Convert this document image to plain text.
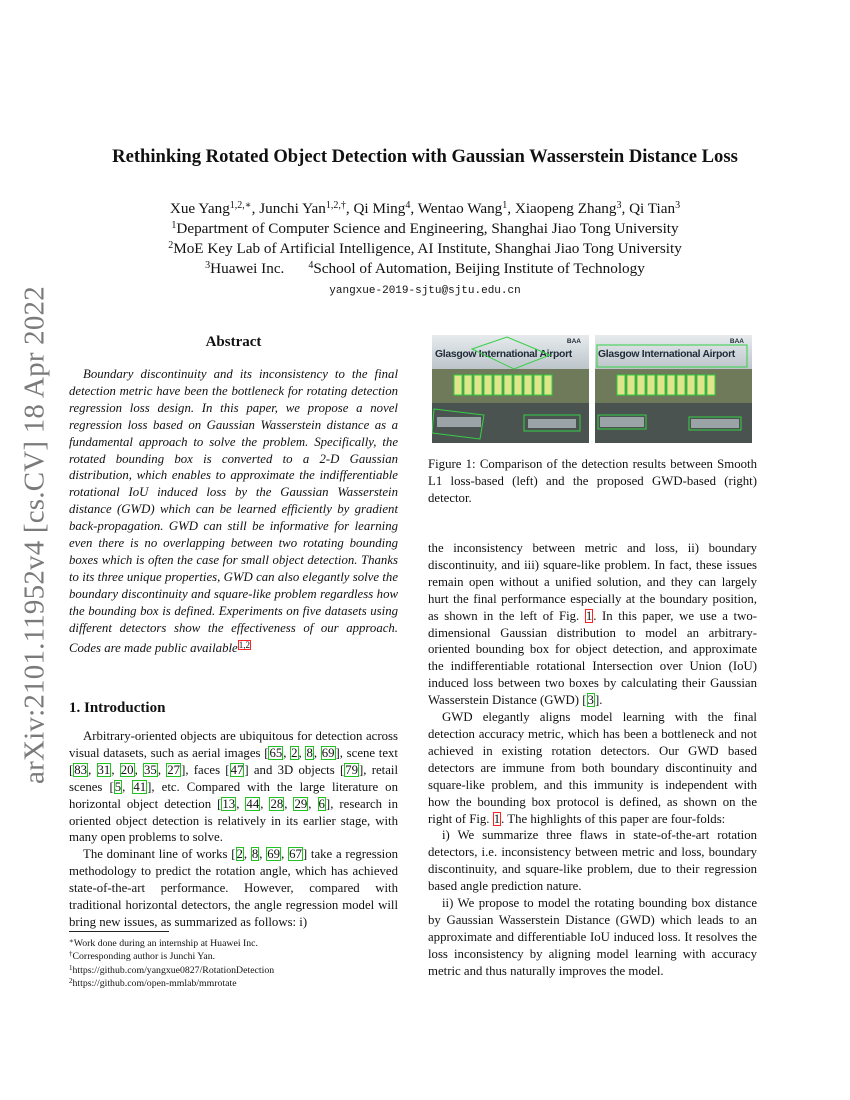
arXiv:2101.11952v4 [cs.CV] 18 Apr 2022
Rethinking Rotated Object Detection with Gaussian Wasserstein Distance Loss
Xue Yang$^{1,2,∗}$, Junchi Yan$^{1,2,\dagger}$, Qi Ming$^4$, Wentao Wang$^1$, Xiaopeng Zhang$^3$, Qi Tian$^3$
$^1$Department of Computer Science and Engineering, Shanghai Jiao Tong University
$^2$MoE Key Lab of Artificial Intelligence, AI Institute, Shanghai Jiao Tong University
$^3$Huawei Inc. $^4$School of Automation, Beijing Institute of Technology
yangxue-2019-sjtu@sjtu.edu.cn
Abstract

Boundary discontinuity and its inconsistency to the final detection metric have been the bottleneck for rotating detection regression loss design. In this paper, we propose a novel regression loss based on Gaussian Wasserstein distance as a fundamental approach to solve the problem. Specifically, the rotated bounding box is converted to a 2-D Gaussian distribution, which enables to approximate the indifferentiable rotational IoU induced loss by the Gaussian Wasserstein distance (GWD) which can be learned efficiently by gradient back-propagation. GWD can still be informative for learning even there is no overlapping between two rotating bounding boxes which is often the case for small object detection. Thanks to its three unique properties, GWD can also elegantly solve the boundary discontinuity and square-like problem regardless how the bounding box is defined. Experiments on five datasets using different detectors show the effectiveness of our approach. Codes are made public available$^{1,2}$

1. Introduction

Arbitrary-oriented objects are ubiquitous for detection across visual datasets, such as aerial images [65, 2, 8, 69], scene text [83, 31, 20, 35, 27], faces [47] and 3D objects [79], retail scenes [5, 41], etc. Compared with the large literature on horizontal object detection [13, 44, 28, 29, 6], research in oriented object detection is relatively in its earlier stage, with many open problems to solve.

The dominant line of works [2, 8, 69, 67] take a regression methodology to predict the rotation angle, which has achieved state-of-the-art performance. However, compared with traditional horizontal detectors, the angle regression model will bring new issues, as summarized as follows: i)

∗Work done during an internship at Huawei Inc.
†Corresponding author is Junchi Yan.
$^1$https://github.com/yangxue0827/RotationDetection
$^2$https://github.com/open-mmlab/mmrotate
BAA
Glasgow International Airport
BAA
Glasgow International Airport
Figure 1: Comparison of the detection results between Smooth L1 loss-based (left) and the proposed GWD-based (right) detector.

the inconsistency between metric and loss, ii) boundary discontinuity, and iii) square-like problem. In fact, these issues remain open without a unified solution, and they can largely hurt the final performance especially at the boundary position, as shown in the left of Fig. 1. In this paper, we use a two-dimensional Gaussian distribution to model an arbitrary-oriented bounding box for object detection, and approximate the indifferentiable rotational Intersection over Union (IoU) induced loss between two boxes by calculating their Gaussian Wasserstein Distance (GWD) [3].

GWD elegantly aligns model learning with the final detection accuracy metric, which has been a bottleneck and not achieved in existing rotation detectors. Our GWD based detectors are immune from both boundary discontinuity and square-like problem, and this immunity is independent with how the bounding box protocol is defined, as shown on the right of Fig. 1. The highlights of this paper are four-folds:

i) We summarize three flaws in state-of-the-art rotation detectors, i.e. inconsistency between metric and loss, boundary discontinuity, and square-like problem, due to their regression based angle prediction nature.

ii) We propose to model the rotating bounding box distance by Gaussian Wasserstein Distance (GWD) which leads to an approximate and differentiable IoU induced loss. It resolves the loss inconsistency by aligning model learning with accuracy metric and thus naturally improves the model.
